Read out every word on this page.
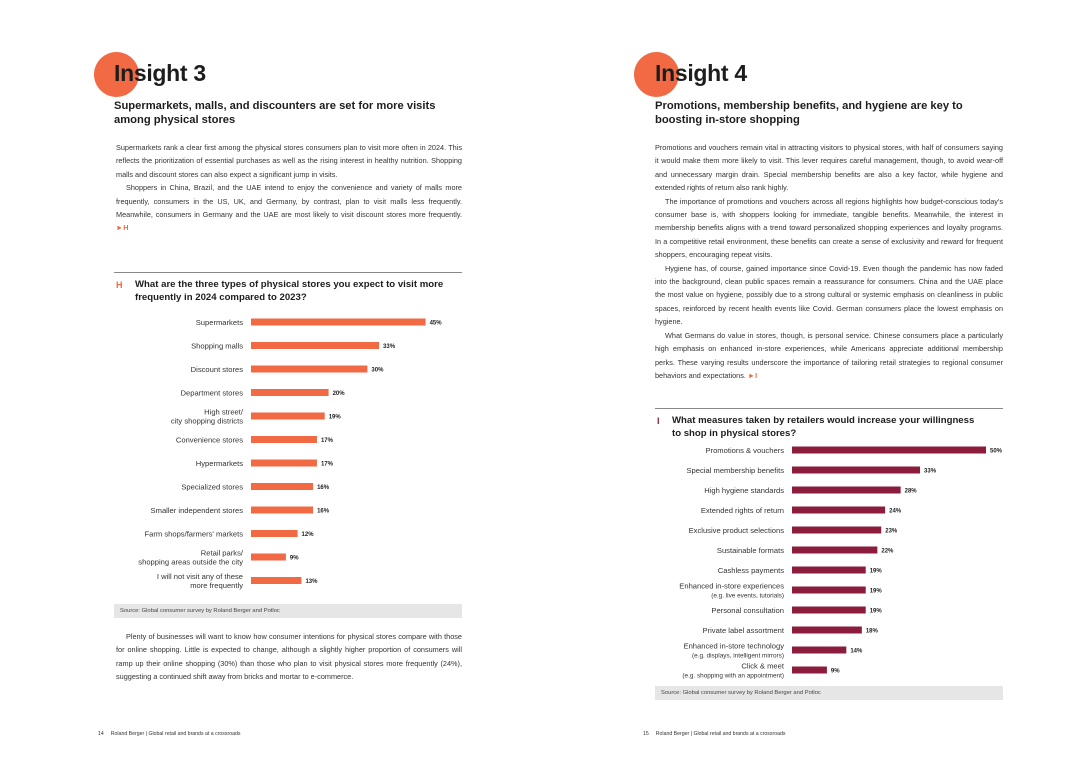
Insight 3
Supermarkets, malls, and discounters are set for more visits
among physical stores

Supermarkets rank a clear first among the physical stores consumers plan to visit more often in 2024. This reflects the prioritization of essential purchases as well as the rising interest in healthy nutrition. Shopping malls and discount stores can also expect a significant jump in visits.

Shoppers in China, Brazil, and the UAE intend to enjoy the convenience and variety of malls more frequently, consumers in the US, UK, and Germany, by contrast, plan to visit malls less frequently. Meanwhile, consumers in Germany and the UAE are most likely to visit discount stores more frequently. ►H

H What are the three types of physical stores you expect to visit more
frequently in 2024 compared to 2023?
Supermarkets	45%
Shopping malls	33%
Discount stores	30%
Department stores	20%
High street/
city shopping districts	19%
Convenience stores	17%
Hypermarkets	17%
Specialized stores	16%
Smaller independent stores	16%
Farm shops/farmers' markets	12%
Retail parks/
shopping areas outside the city	9%
I will not visit any of these
more frequently	13%
Source: Global consumer survey by Roland Berger and Potloc

Plenty of businesses will want to know how consumer intentions for physical stores compare with those for online shopping. Little is expected to change, although a slightly higher proportion of consumers will ramp up their online shopping (30%) than those who plan to visit physical stores more frequently (24%), suggesting a continued shift away from bricks and mortar to e-commerce.

14 Roland Berger | Global retail and brands at a crossroads
Insight 4
Promotions, membership benefits, and hygiene are key to
boosting in-store shopping

Promotions and vouchers remain vital in attracting visitors to physical stores, with half of consumers saying it would make them more likely to visit. This lever requires careful management, though, to avoid wear-off and unnecessary margin drain. Special membership benefits are also a key factor, while hygiene and extended rights of return also rank highly.

The importance of promotions and vouchers across all regions highlights how budget-conscious today's consumer base is, with shoppers looking for immediate, tangible benefits. Meanwhile, the interest in membership benefits aligns with a trend toward personalized shopping experiences and loyalty programs. In a competitive retail environment, these benefits can create a sense of exclusivity and reward for frequent shoppers, encouraging repeat visits.

Hygiene has, of course, gained importance since Covid-19. Even though the pandemic has now faded into the background, clean public spaces remain a reassurance for consumers. China and the UAE place the most value on hygiene, possibly due to a strong cultural or systemic emphasis on cleanliness in public spaces, reinforced by recent health events like Covid. German consumers place the lowest emphasis on hygiene.

What Germans do value in stores, though, is personal service. Chinese consumers place a particularly high emphasis on enhanced in-store experiences, while Americans appreciate additional membership perks. These varying results underscore the importance of tailoring retail strategies to regional consumer behaviors and expectations. ►I

I What measures taken by retailers would increase your willingness
to shop in physical stores?
Promotions & vouchers	50%
Special membership benefits	33%
High hygiene standards	28%
Extended rights of return	24%
Exclusive product selections	23%
Sustainable formats	22%
Cashless payments	19%
Enhanced in-store experiences
(e.g. live events, tutorials)
19%
Personal consultation	19%
Private label assortment	18%
Enhanced in-store technology
(e.g. displays, intelligent mirrors)
14%
Click & meet
(e.g. shopping with an appointment)
9%
Source: Global consumer survey by Roland Berger and Potloc
15 Roland Berger | Global retail and brands at a crossroads
